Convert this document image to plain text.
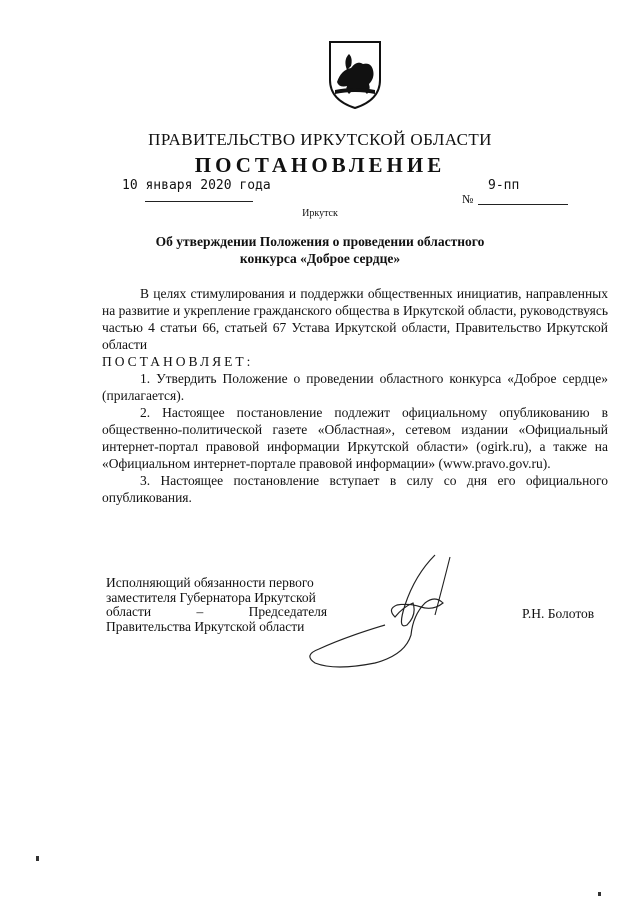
ПРАВИТЕЛЬСТВО ИРКУТСКОЙ ОБЛАСТИ
ПОСТАНОВЛЕНИЕ
10 января 2020 года
№
9-пп
Иркутск
Об утверждении Положения о проведении областного
конкурса «Доброе сердце»

В целях стимулирования и поддержки общественных инициатив, направленных на развитие и укрепление гражданского общества в Иркутской области, руководствуясь частью 4 статьи 66, статьей 67 Устава Иркутской области, Правительство Иркутской области

ПОСТАНОВЛЯЕТ:

1. Утвердить Положение о проведении областного конкурса «Доброе сердце» (прилагается).

2. Настоящее постановление подлежит официальному опубликованию в общественно-политической газете «Областная», сетевом издании «Официальный интернет-портал правовой информации Иркутской области» (ogirk.ru), а также на «Официальном интернет-портале правовой информации» (www.pravo.gov.ru).

3. Настоящее постановление вступает в силу со дня его официального опубликования.

Исполняющий обязанности первого
заместителя Губернатора Иркутской
области – Председателя
Правительства Иркутской области
Р.Н. Болотов
